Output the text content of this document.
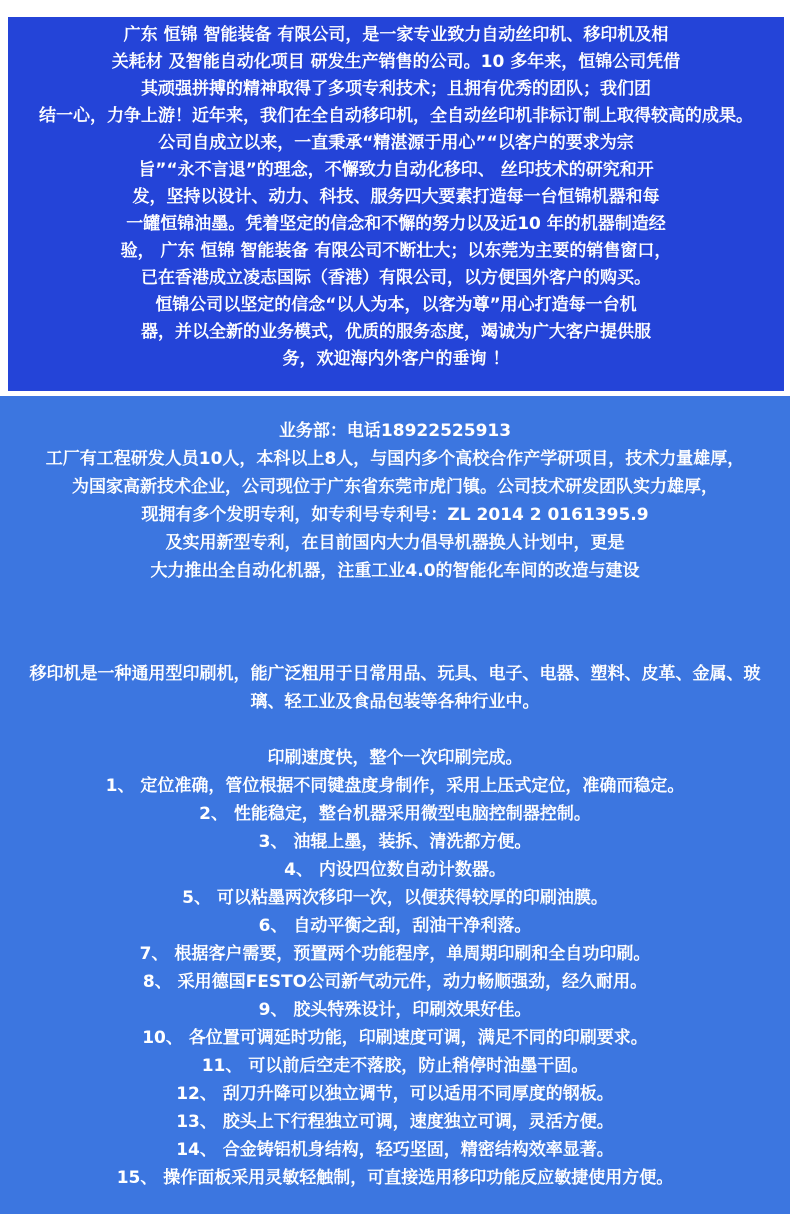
广东 恒锦 智能装备 有限公司，是一家专业致力自动丝印机、移印机及相
关耗材 及智能自动化项目 研发生产销售的公司。10 多年来，恒锦公司凭借
其顽强拼搏的精神取得了多项专利技术；且拥有优秀的团队；我们团
结一心，力争上游！近年来，我们在全自动移印机，全自动丝印机非标订制上取得较高的成果。
公司自成立以来，一直秉承“精湛源于用心”“以客户的要求为宗
旨”“永不言退”的理念，不懈致力自动化移印、 丝印技术的研究和开
发，坚持以设计、动力、科技、服务四大要素打造每一台恒锦机器和每
一罐恒锦油墨。凭着坚定的信念和不懈的努力以及近10 年的机器制造经
验， 广东 恒锦 智能装备 有限公司不断壮大；以东莞为主要的销售窗口，
已在香港成立凌志国际（香港）有限公司，以方便国外客户的购买。
恒锦公司以坚定的信念“以人为本，以客为尊”用心打造每一台机
器，并以全新的业务模式，优质的服务态度，竭诚为广大客户提供服
务，欢迎海内外客户的垂询 ！
业务部：电话18922525913
工厂有工程研发人员10人，本科以上8人，与国内多个高校合作产学研项目，技术力量雄厚，
为国家高新技术企业，公司现位于广东省东莞市虎门镇。公司技术研发团队实力雄厚，
现拥有多个发明专利，如专利号专利号：ZL 2014 2 0161395.9
及实用新型专利，在目前国内大力倡导机器换人计划中，更是
大力推出全自动化机器，注重工业4.0的智能化车间的改造与建设
移印机是一种通用型印刷机，能广泛粗用于日常用品、玩具、电子、电器、塑料、皮革、金属、玻
璃、轻工业及食品包装等各种行业中。
印刷速度快，整个一次印刷完成。
1、 定位准确，管位根据不同键盘度身制作，采用上压式定位，准确而稳定。
2、 性能稳定，整台机器采用微型电脑控制器控制。
3、 油辊上墨，装拆、清洗都方便。
4、 内设四位数自动计数器。
5、 可以粘墨两次移印一次，以便获得较厚的印刷油膜。
6、 自动平衡之刮，刮油干净利落。
7、 根据客户需要，预置两个功能程序，单周期印刷和全自功印刷。
8、 采用德国FESTO公司新气动元件，动力畅顺强劲，经久耐用。
9、 胶头特殊设计，印刷效果好佳。
10、 各位置可调延时功能，印刷速度可调，满足不同的印刷要求。
11、 可以前后空走不落胶，防止稍停时油墨干固。
12、 刮刀升降可以独立调节，可以适用不同厚度的钢板。
13、 胶头上下行程独立可调，速度独立可调，灵活方便。
14、 合金铸铝机身结构，轻巧坚固，精密结构效率显著。
15、 操作面板采用灵敏轻触制，可直接选用移印功能反应敏捷使用方便。
